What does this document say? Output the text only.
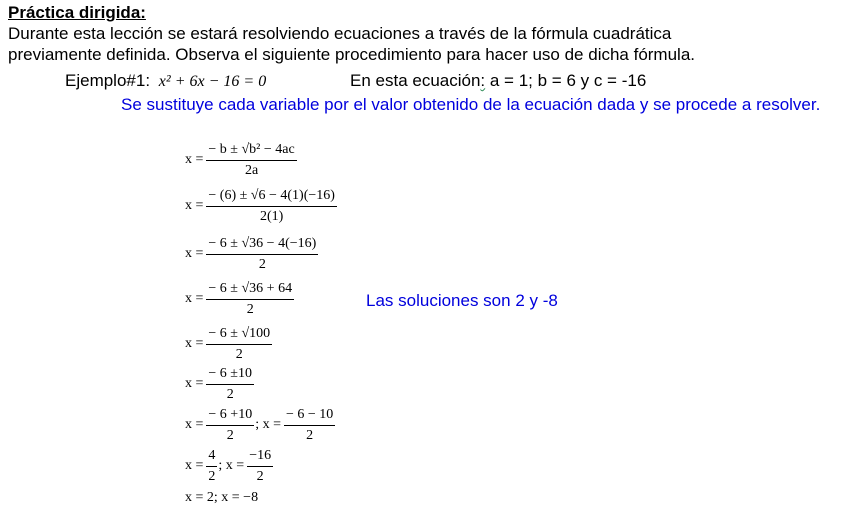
Práctica dirigida:
Durante esta lección se estará resolviendo ecuaciones a través de la fórmula cuadrática
previamente definida. Observa el siguiente procedimiento para hacer uso de dicha fórmula.
Ejemplo#1: x² + 6x − 16 = 0	En esta ecuación: a = 1; b = 6 y c = -16
Se sustituye cada variable por el valor obtenido de la ecuación dada y se procede a resolver.
$x = \frac{\text{− b ± √b² − 4ac}}{2a}$
$x = \frac{- (6) \pm √6 - 4(1)(-16)}{2(1)}$
$x = \frac{- 6 \pm √36 - 4(-16)}{2}$
$x = \frac{- 6 \pm √36 + 64}{2}$
$x = \frac{- 6 \pm √100}{2}$
$x = \frac{- 6 \pm 10}{2}$
$x = \frac{- 6 +10}{2}$ ; $x = \frac{- 6 - 10}{2}$
$x = \frac{4}{2}$ ; $x = \frac{-16}{2}$
x = 2; x = −8
Las soluciones son 2 y -8
